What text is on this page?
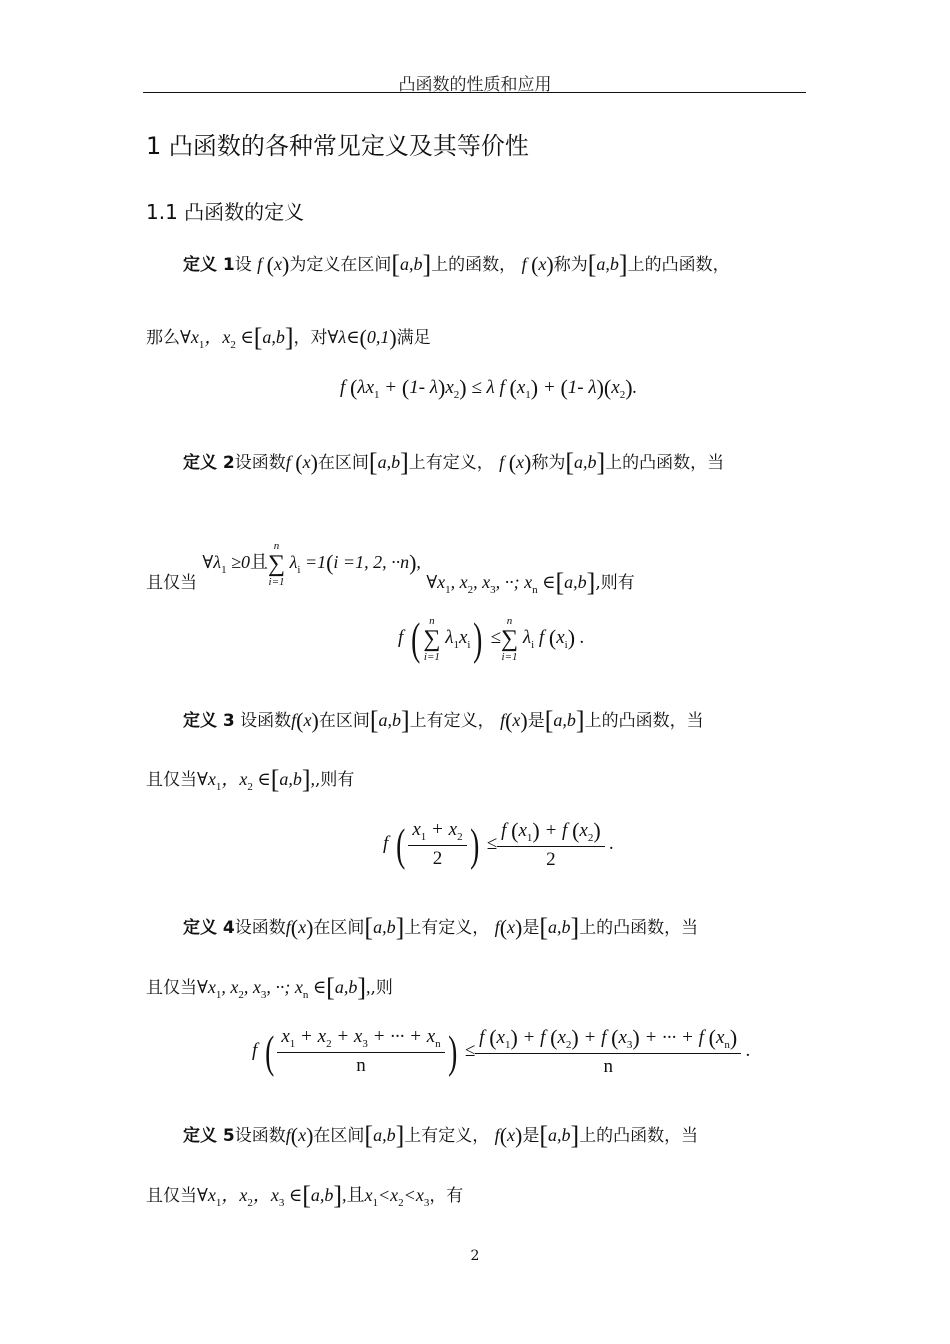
凸函数的性质和应用
1 凸函数的各种常见定义及其等价性
1.1 凸函数的定义
定义 1设 f (x)为定义在区间[a,b]上的函数， f (x)称为[a,b]上的凸函数，
那么$\forall x_1$，$x_2$ ∈[a,b]，对∀λ∈(0,1)满足
f ($\lambda x_1 + (1-$ $\lambda)x_2) \le \lambda$ f $(x_1) + (1-$ $\lambda)(x_2)$.
定义 2设函数f (x)在区间[a,b]上有定义， f (x)称为[a,b]上的凸函数，当
且仅当 $\forall\lambda_1 \ge 0$且
n
∑
i=1
$\lambda_i =1(i =1$, 2, ··n), $\forall x_1$, $x_2$, $x_3$, ··; $x_n$ ∈[a,b],则有
f ( n
∑
i=1
$\lambda_1x_i$) ≤
n
∑
i=1
$\lambda_i$ f $(x_i)$ .
定义 3 设函数f(x)在区间[a,b]上有定义， f(x)是[a,b]上的凸函数，当
且仅当$\forall x_1$，$x_2$ ∈[a,b],,则有
f ( $\frac{x_1 + x_2}{2}$ ) ≤ $\frac{f (x_1) + f (x_2)}{2}$ .
定义 4设函数f(x)在区间[a,b]上有定义， f(x)是[a,b]上的凸函数，当
且仅当$\forall x_1$, $x_2$, $x_3$, ··; $x_n$ ∈[a,b],,则
f ( $\frac{x_1 + x_2 + x_3 + \cdot\cdot\cdot + x_n}{n}$ ) ≤ $\frac{f (x_1) + f (x_2) + f (x_3) + \cdot\cdot\cdot + f (x_n)}{n}$ .
定义 5设函数f(x)在区间[a,b]上有定义， f(x)是[a,b]上的凸函数，当
且仅当$\forall x_1$，$x_2$，$x_3$ ∈[a,b],且$x_1<x_2<x_3$，有
2
